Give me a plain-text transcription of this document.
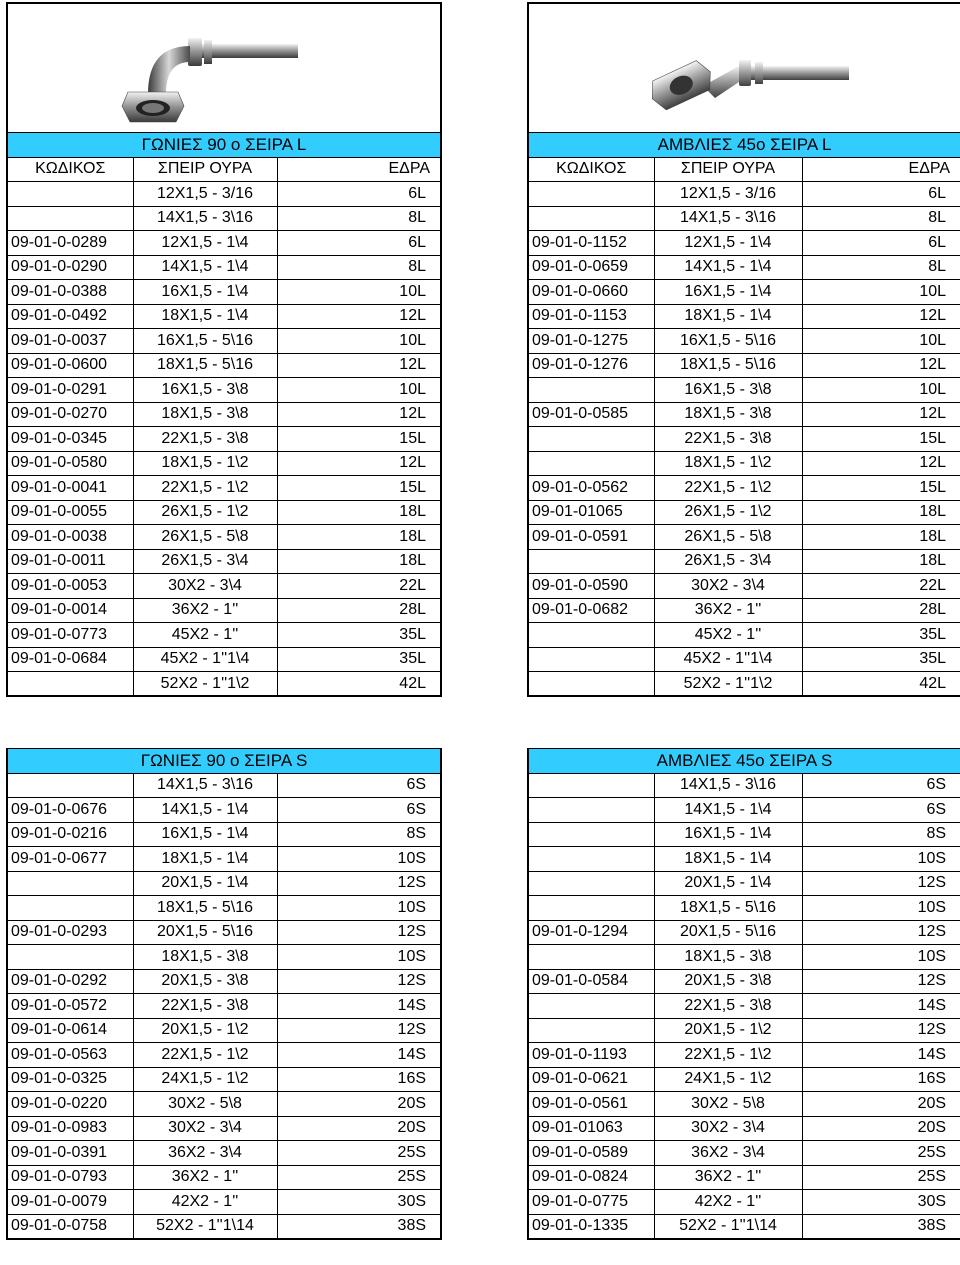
ΓΩΝΙΕΣ 90 ο ΣΕΙΡΑ L		
ΚΩΔΙΚΟΣ	ΣΠΕΙΡ ΟΥΡΑ	ΕΔΡΑ
	12Χ1,5 - 3/16	6L
	14Χ1,5 - 3\16	8L
09-01-0-0289	12Χ1,5 - 1\4	6L
09-01-0-0290	14Χ1,5 - 1\4	8L
09-01-0-0388	16Χ1,5 - 1\4	10L
09-01-0-0492	18Χ1,5 - 1\4	12L
09-01-0-0037	16Χ1,5 - 5\16	10L
09-01-0-0600	18Χ1,5 - 5\16	12L
09-01-0-0291	16Χ1,5 - 3\8	10L
09-01-0-0270	18Χ1,5 - 3\8	12L
09-01-0-0345	22Χ1,5 - 3\8	15L
09-01-0-0580	18Χ1,5 - 1\2	12L
09-01-0-0041	22Χ1,5 - 1\2	15L
09-01-0-0055	26Χ1,5 - 1\2	18L
09-01-0-0038	26Χ1,5 - 5\8	18L
09-01-0-0011	26Χ1,5 - 3\4	18L
09-01-0-0053	30Χ2 - 3\4	22L
09-01-0-0014	36Χ2 - 1''	28L
09-01-0-0773	45Χ2 - 1''	35L
09-01-0-0684	45Χ2 - 1''1\4	35L
	52Χ2 - 1''1\2	42L
ΑΜΒΛΙΕΣ 45ο ΣΕΙΡΑ L		
ΚΩΔΙΚΟΣ	ΣΠΕΙΡ ΟΥΡΑ	ΕΔΡΑ
	12Χ1,5 - 3/16	6L
	14Χ1,5 - 3\16	8L
09-01-0-1152	12Χ1,5 - 1\4	6L
09-01-0-0659	14Χ1,5 - 1\4	8L
09-01-0-0660	16Χ1,5 - 1\4	10L
09-01-0-1153	18Χ1,5 - 1\4	12L
09-01-0-1275	16Χ1,5 - 5\16	10L
09-01-0-1276	18Χ1,5 - 5\16	12L
	16Χ1,5 - 3\8	10L
09-01-0-0585	18Χ1,5 - 3\8	12L
	22Χ1,5 - 3\8	15L
	18Χ1,5 - 1\2	12L
09-01-0-0562	22Χ1,5 - 1\2	15L
09-01-01065	26Χ1,5 - 1\2	18L
09-01-0-0591	26Χ1,5 - 5\8	18L
	26Χ1,5 - 3\4	18L
09-01-0-0590	30Χ2 - 3\4	22L
09-01-0-0682	36Χ2 - 1''	28L
	45Χ2 - 1''	35L
	45Χ2 - 1''1\4	35L
	52Χ2 - 1''1\2	42L
ΓΩΝΙΕΣ 90 ο ΣΕΙΡΑ S		
	14Χ1,5 - 3\16	6S
09-01-0-0676	14Χ1,5 - 1\4	6S
09-01-0-0216	16Χ1,5 - 1\4	8S
09-01-0-0677	18Χ1,5 - 1\4	10S
	20Χ1,5 - 1\4	12S
	18Χ1,5 - 5\16	10S
09-01-0-0293	20Χ1,5 - 5\16	12S
	18Χ1,5 - 3\8	10S
09-01-0-0292	20Χ1,5 - 3\8	12S
09-01-0-0572	22Χ1,5 - 3\8	14S
09-01-0-0614	20Χ1,5 - 1\2	12S
09-01-0-0563	22Χ1,5 - 1\2	14S
09-01-0-0325	24Χ1,5 - 1\2	16S
09-01-0-0220	30Χ2 - 5\8	20S
09-01-0-0983	30Χ2 - 3\4	20S
09-01-0-0391	36Χ2 - 3\4	25S
09-01-0-0793	36Χ2 - 1''	25S
09-01-0-0079	42Χ2 - 1''	30S
09-01-0-0758	52Χ2 - 1''1\14	38S
ΑΜΒΛΙΕΣ 45ο ΣΕΙΡΑ S		
	14Χ1,5 - 3\16	6S
	14Χ1,5 - 1\4	6S
	16Χ1,5 - 1\4	8S
	18Χ1,5 - 1\4	10S
	20Χ1,5 - 1\4	12S
	18Χ1,5 - 5\16	10S
09-01-0-1294	20Χ1,5 - 5\16	12S
	18Χ1,5 - 3\8	10S
09-01-0-0584	20Χ1,5 - 3\8	12S
	22Χ1,5 - 3\8	14S
	20Χ1,5 - 1\2	12S
09-01-0-1193	22Χ1,5 - 1\2	14S
09-01-0-0621	24Χ1,5 - 1\2	16S
09-01-0-0561	30Χ2 - 5\8	20S
09-01-01063	30Χ2 - 3\4	20S
09-01-0-0589	36Χ2 - 3\4	25S
09-01-0-0824	36Χ2 - 1''	25S
09-01-0-0775	42Χ2 - 1''	30S
09-01-0-1335	52Χ2 - 1''1\14	38S
